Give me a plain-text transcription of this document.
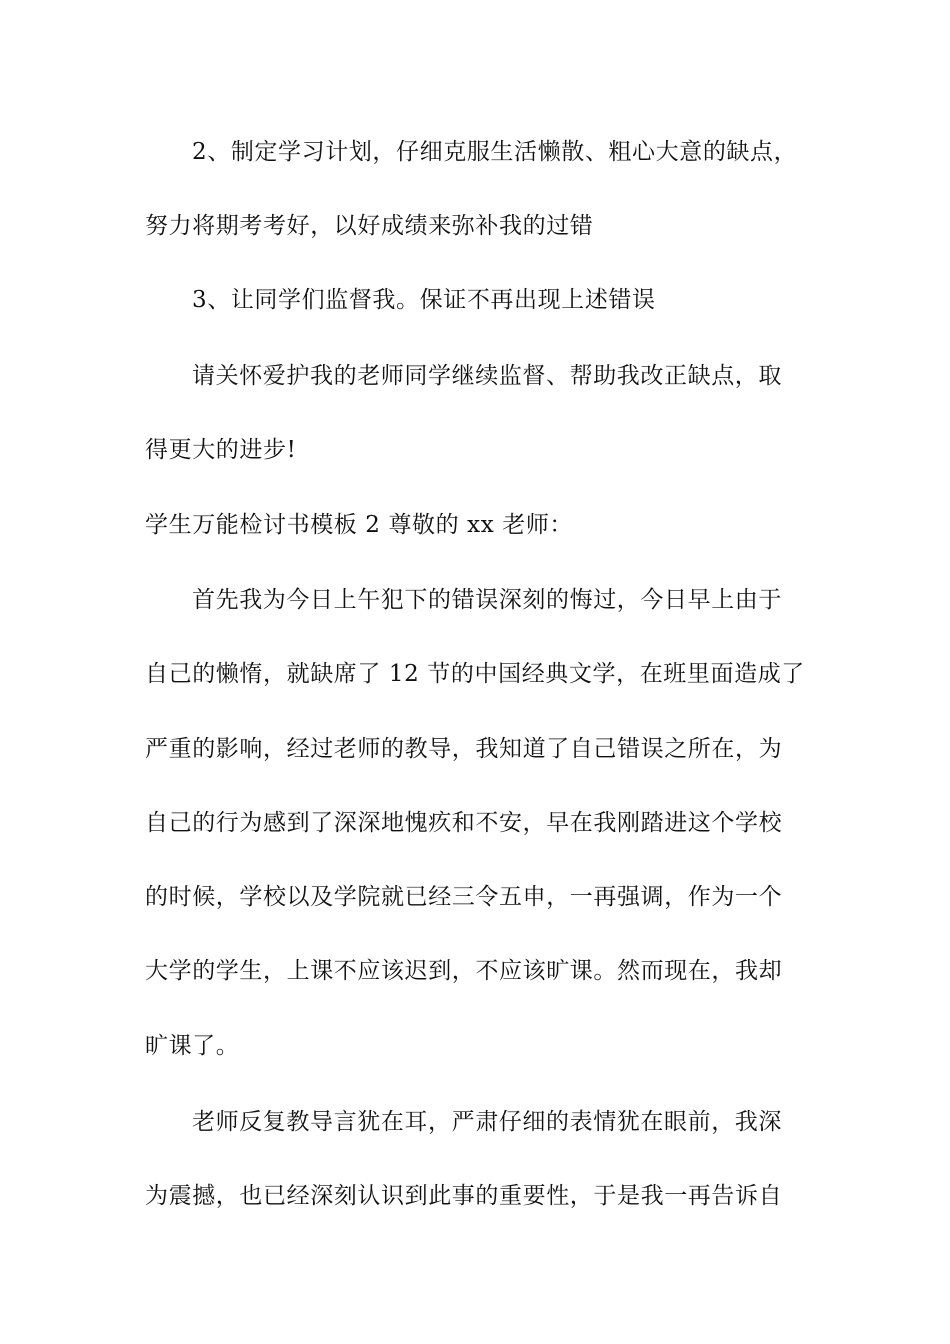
2、制定学习计划，仔细克服生活懒散、粗心大意的缺点，
努力将期考考好，以好成绩来弥补我的过错
3、让同学们监督我。保证不再出现上述错误
请关怀爱护我的老师同学继续监督、帮助我改正缺点，取
得更大的进步!
学生万能检讨书模板 2 尊敬的 xx 老师：
首先我为今日上午犯下的错误深刻的悔过，今日早上由于
自己的懒惰，就缺席了 12 节的中国经典文学，在班里面造成了
严重的影响，经过老师的教导，我知道了自己错误之所在，为
自己的行为感到了深深地愧疚和不安，早在我刚踏进这个学校
的时候，学校以及学院就已经三令五申，一再强调，作为一个
大学的学生，上课不应该迟到，不应该旷课。然而现在，我却
旷课了。
老师反复教导言犹在耳，严肃仔细的表情犹在眼前，我深
为震撼，也已经深刻认识到此事的重要性，于是我一再告诉自
